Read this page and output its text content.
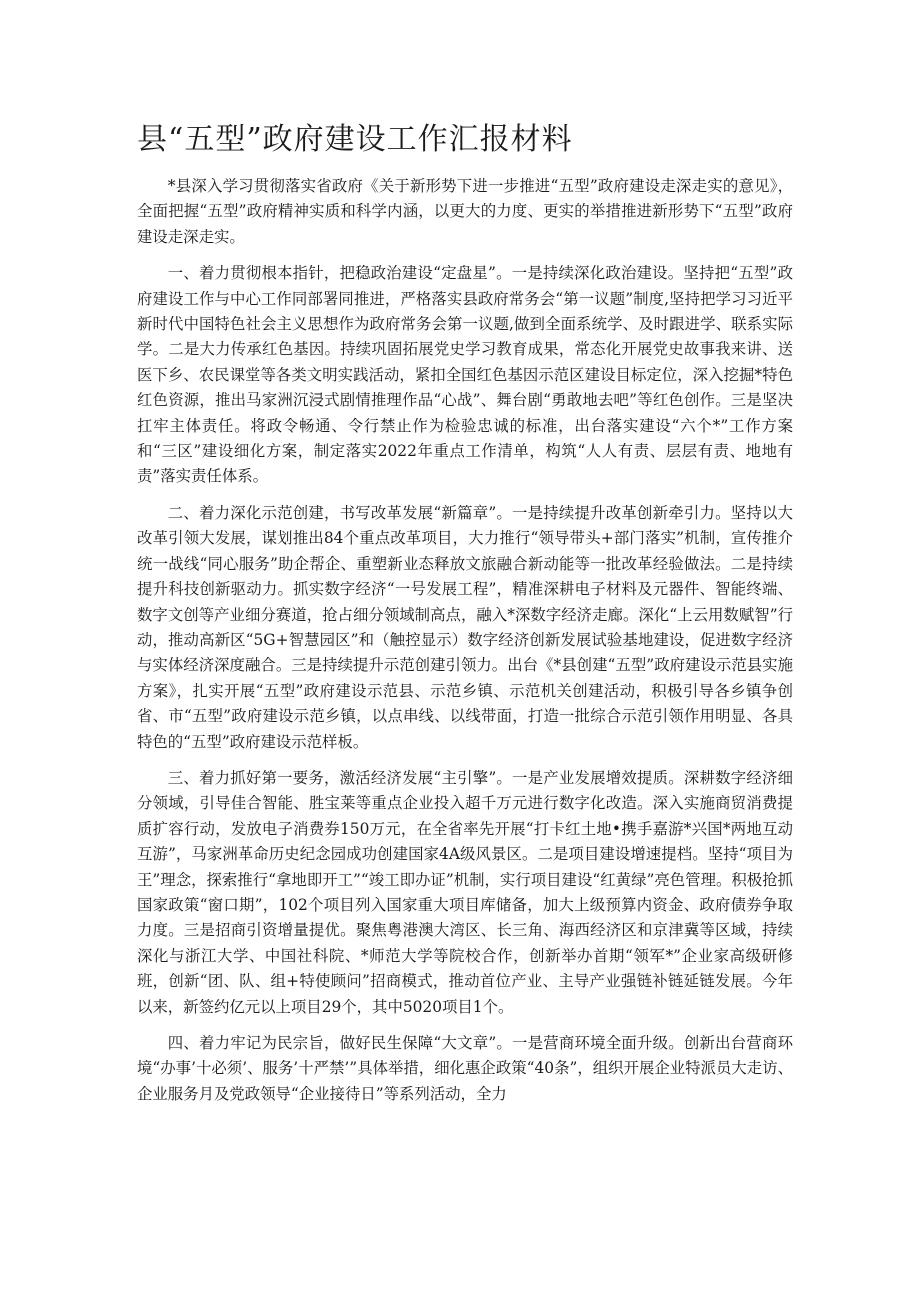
县“五型”政府建设工作汇报材料

*县深入学习贯彻落实省政府《关于新形势下进一步推进“五型”政府建设走深走实的意见》，全面把握“五型”政府精神实质和科学内涵，以更大的力度、更实的举措推进新形势下“五型”政府建设走深走实。

一、着力贯彻根本指针，把稳政治建设“定盘星”。一是持续深化政治建设。坚持把“五型”政府建设工作与中心工作同部署同推进，严格落实县政府常务会“第一议题”制度,坚持把学习习近平新时代中国特色社会主义思想作为政府常务会第一议题,做到全面系统学、及时跟进学、联系实际学。二是大力传承红色基因。持续巩固拓展党史学习教育成果，常态化开展党史故事我来讲、送医下乡、农民课堂等各类文明实践活动，紧扣全国红色基因示范区建设目标定位，深入挖掘*特色红色资源，推出马家洲沉浸式剧情推理作品“心战”、舞台剧“勇敢地去吧”等红色创作。三是坚决扛牢主体责任。将政令畅通、令行禁止作为检验忠诚的标准，出台落实建设“六个*”工作方案和“三区”建设细化方案，制定落实2022年重点工作清单，构筑“人人有责、层层有责、地地有责”落实责任体系。

二、着力深化示范创建，书写改革发展“新篇章”。一是持续提升改革创新牵引力。坚持以大改革引领大发展，谋划推出84个重点改革项目，大力推行“领导带头+部门落实”机制，宣传推介统一战线“同心服务”助企帮企、重塑新业态释放文旅融合新动能等一批改革经验做法。二是持续提升科技创新驱动力。抓实数字经济“一号发展工程”，精准深耕电子材料及元器件、智能终端、数字文创等产业细分赛道，抢占细分领域制高点，融入*深数字经济走廊。深化“上云用数赋智”行动，推动高新区“5G+智慧园区”和（触控显示）数字经济创新发展试验基地建设，促进数字经济与实体经济深度融合。三是持续提升示范创建引领力。出台《*县创建“五型”政府建设示范县实施方案》，扎实开展“五型”政府建设示范县、示范乡镇、示范机关创建活动，积极引导各乡镇争创省、市“五型”政府建设示范乡镇，以点串线、以线带面，打造一批综合示范引领作用明显、各具特色的“五型”政府建设示范样板。

三、着力抓好第一要务，激活经济发展“主引擎”。一是产业发展增效提质。深耕数字经济细分领域，引导佳合智能、胜宝莱等重点企业投入超千万元进行数字化改造。深入实施商贸消费提质扩容行动，发放电子消费券150万元，在全省率先开展“打卡红土地•携手嘉游*兴国*两地互动互游”，马家洲革命历史纪念园成功创建国家4A级风景区。二是项目建设增速提档。坚持“项目为王”理念，探索推行“拿地即开工”“竣工即办证”机制，实行项目建设“红黄绿”亮色管理。积极抢抓国家政策“窗口期”，102个项目列入国家重大项目库储备，加大上级预算内资金、政府债券争取力度。三是招商引资增量提优。聚焦粤港澳大湾区、长三角、海西经济区和京津冀等区域，持续深化与浙江大学、中国社科院、*师范大学等院校合作，创新举办首期“领军*”企业家高级研修班，创新“团、队、组+特使顾问”招商模式，推动首位产业、主导产业强链补链延链发展。今年以来，新签约亿元以上项目29个，其中5020项目1个。

四、着力牢记为民宗旨，做好民生保障“大文章”。一是营商环境全面升级。创新出台营商环境“办事’十必须’、服务’十严禁’”具体举措，细化惠企政策“40条”，组织开展企业特派员大走访、企业服务月及党政领导“企业接待日”等系列活动，全力
